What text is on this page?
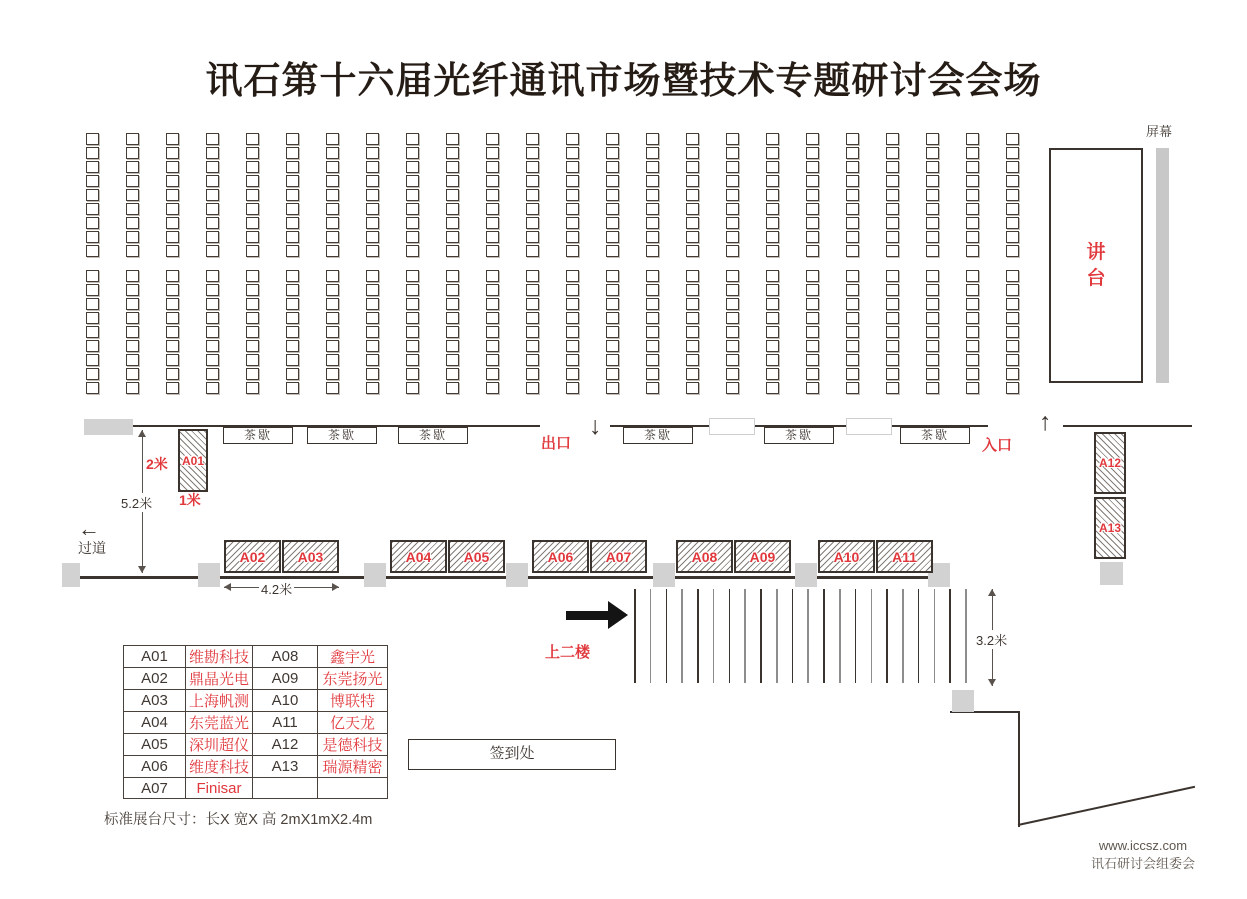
讯石第十六届光纤通讯市场暨技术专题研讨会会场
讲台
屏幕
出口
↓
入口
↑
←
过道
上二楼
2米
1米
签到处
A01	维勘科技	A08	鑫宇光
A02	鼎晶光电	A09	东莞扬光
A03	上海帆测	A10	博联特
A04	东莞蓝光	A11	亿天龙
A05	深圳超仪	A12	是德科技
A06	维度科技	A13	瑞源精密
A07	Finisar		
标准展台尺寸：长X 宽X 高 2mX1mX2.4m
www.iccsz.com
讯石研讨会组委会
茶歇	茶歇	茶歇	茶歇	茶歇	茶歇
A01
A02 A03	A04 A05	A06 A07	A08 A09	A10 A11
A12
A13
5.2米
4.2米
3.2米
